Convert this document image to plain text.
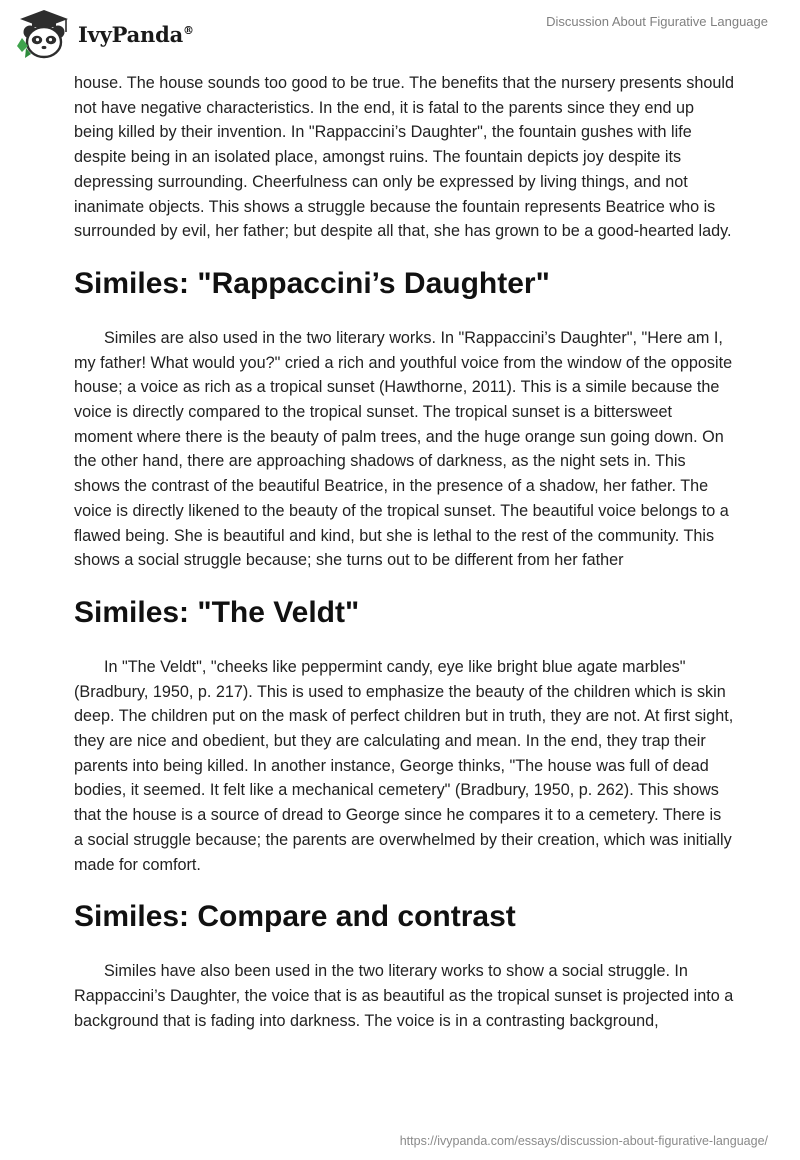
IvyPanda®
Discussion About Figurative Language

house. The house sounds too good to be true. The benefits that the nursery presents should not have negative characteristics. In the end, it is fatal to the parents since they end up being killed by their invention. In "Rappaccini’s Daughter", the fountain gushes with life despite being in an isolated place, amongst ruins. The fountain depicts joy despite its depressing surrounding. Cheerfulness can only be expressed by living things, and not inanimate objects. This shows a struggle because the fountain represents Beatrice who is surrounded by evil, her father; but despite all that, she has grown to be a good-hearted lady.

Similes: "Rappaccini’s Daughter"

Similes are also used in the two literary works. In "Rappaccini’s Daughter", "Here am I, my father! What would you?" cried a rich and youthful voice from the window of the opposite house; a voice as rich as a tropical sunset (Hawthorne, 2011). This is a simile because the voice is directly compared to the tropical sunset. The tropical sunset is a bittersweet moment where there is the beauty of palm trees, and the huge orange sun going down. On the other hand, there are approaching shadows of darkness, as the night sets in. This shows the contrast of the beautiful Beatrice, in the presence of a shadow, her father. The voice is directly likened to the beauty of the tropical sunset. The beautiful voice belongs to a flawed being. She is beautiful and kind, but she is lethal to the rest of the community. This shows a social struggle because; she turns out to be different from her father

Similes: "The Veldt"

In "The Veldt", "cheeks like peppermint candy, eye like bright blue agate marbles" (Bradbury, 1950, p. 217). This is used to emphasize the beauty of the children which is skin deep. The children put on the mask of perfect children but in truth, they are not. At first sight, they are nice and obedient, but they are calculating and mean. In the end, they trap their parents into being killed. In another instance, George thinks, "The house was full of dead bodies, it seemed. It felt like a mechanical cemetery" (Bradbury, 1950, p. 262). This shows that the house is a source of dread to George since he compares it to a cemetery. There is a social struggle because; the parents are overwhelmed by their creation, which was initially made for comfort.

Similes: Compare and contrast

Similes have also been used in the two literary works to show a social struggle. In Rappaccini’s Daughter, the voice that is as beautiful as the tropical sunset is projected into a background that is fading into darkness. The voice is in a contrasting background,

https://ivypanda.com/essays/discussion-about-figurative-language/
